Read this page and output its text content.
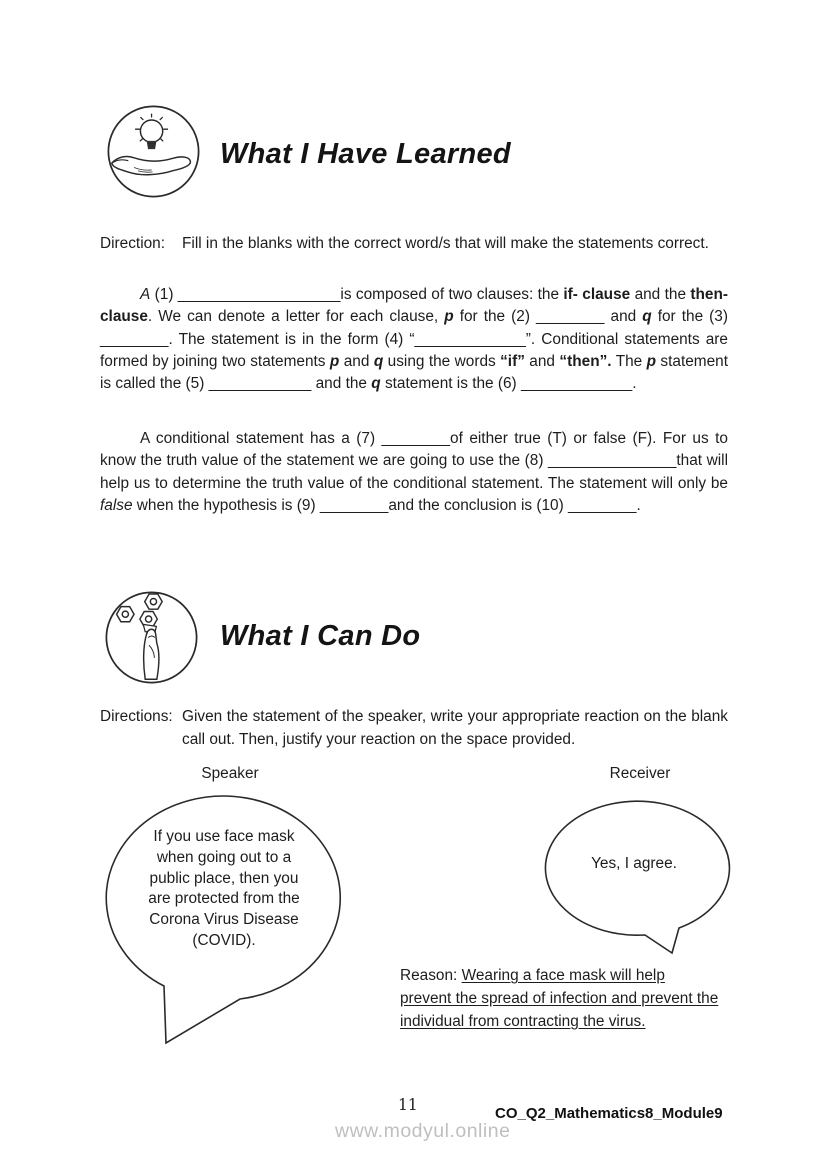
What I Have Learned

Direction: Fill in the blanks with the correct word/s that will make the statements correct.

A (1) ___________________is composed of two clauses: the if- clause and the then- clause. We can denote a letter for each clause, p for the (2) ________ and q for the (3) ________. The statement is in the form (4) “_____________”. Conditional statements are formed by joining two statements p and q using the words “if” and “then”. The p statement is called the (5) ____________ and the q statement is the (6) _____________.

A conditional statement has a (7) ________of either true (T) or false (F). For us to know the truth value of the statement we are going to use the (8) _______________that will help us to determine the truth value of the conditional statement. The statement will only be false when the hypothesis is (9) ________and the conclusion is (10) ________.

What I Can Do

Directions: Given the statement of the speaker, write your appropriate reaction on the blank call out. Then, justify your reaction on the space provided.

Speaker	Receiver

If you use face mask when going out to a public place, then you are protected from the Corona Virus Disease (COVID).

Yes, I agree.

Reason: Wearing a face mask will help prevent the spread of infection and prevent the individual from contracting the virus.

11	CO_Q2_Mathematics8_Module9

www.modyul.online
